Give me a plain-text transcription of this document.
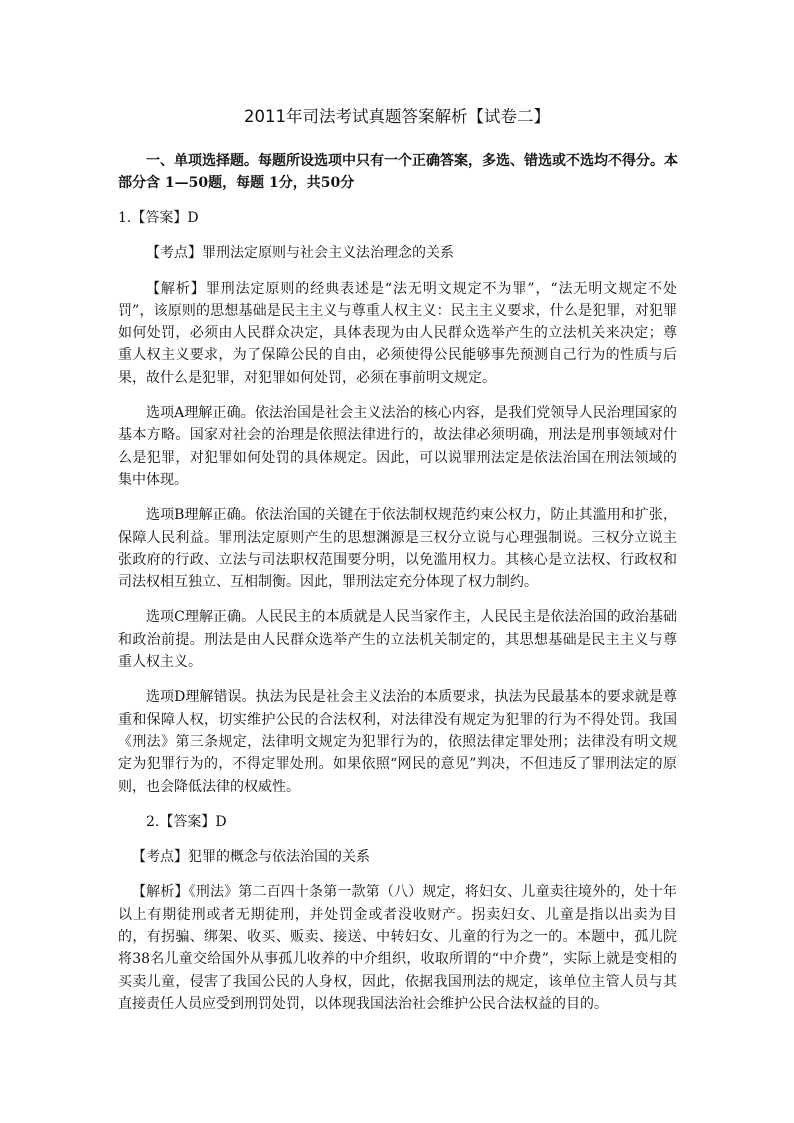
2011年司法考试真题答案解析【试卷二】
一、单项选择题。每题所设选项中只有一个正确答案，多选、错选或不选均不得分。本部分含 1—50题，每题 1分，共50分

1.【答案】D

【考点】罪刑法定原则与社会主义法治理念的关系

【解析】罪刑法定原则的经典表述是“法无明文规定不为罪”，“法无明文规定不处罚”，该原则的思想基础是民主主义与尊重人权主义：民主主义要求，什么是犯罪，对犯罪如何处罚，必须由人民群众决定，具体表现为由人民群众选举产生的立法机关来决定；尊重人权主义要求，为了保障公民的自由，必须使得公民能够事先预测自己行为的性质与后果，故什么是犯罪，对犯罪如何处罚，必须在事前明文规定。

选项A理解正确。依法治国是社会主义法治的核心内容，是我们党领导人民治理国家的基本方略。国家对社会的治理是依照法律进行的，故法律必须明确，刑法是刑事领域对什么是犯罪，对犯罪如何处罚的具体规定。因此，可以说罪刑法定是依法治国在刑法领域的集中体现。

选项B理解正确。依法治国的关键在于依法制权规范约束公权力，防止其滥用和扩张，保障人民利益。罪刑法定原则产生的思想渊源是三权分立说与心理强制说。三权分立说主张政府的行政、立法与司法职权范围要分明，以免滥用权力。其核心是立法权、行政权和司法权相互独立、互相制衡。因此，罪刑法定充分体现了权力制约。

选项C理解正确。人民民主的本质就是人民当家作主，人民民主是依法治国的政治基础和政治前提。刑法是由人民群众选举产生的立法机关制定的，其思想基础是民主主义与尊重人权主义。

选项D理解错误。执法为民是社会主义法治的本质要求，执法为民最基本的要求就是尊重和保障人权，切实维护公民的合法权利，对法律没有规定为犯罪的行为不得处罚。我国《刑法》第三条规定，法律明文规定为犯罪行为的，依照法律定罪处刑；法律没有明文规定为犯罪行为的，不得定罪处刑。如果依照“网民的意见”判决，不但违反了罪刑法定的原则，也会降低法律的权威性。

2.【答案】D

【考点】犯罪的概念与依法治国的关系

【解析】《刑法》第二百四十条第一款第（八）规定，将妇女、儿童卖往境外的，处十年以上有期徒刑或者无期徒刑，并处罚金或者没收财产。拐卖妇女、儿童是指以出卖为目的，有拐骗、绑架、收买、贩卖、接送、中转妇女、儿童的行为之一的。本题中，孤儿院将38名儿童交给国外从事孤儿收养的中介组织，收取所谓的“中介费”，实际上就是变相的买卖儿童，侵害了我国公民的人身权，因此，依据我国刑法的规定，该单位主管人员与其直接责任人员应受到刑罚处罚，以体现我国法治社会维护公民合法权益的目的。
